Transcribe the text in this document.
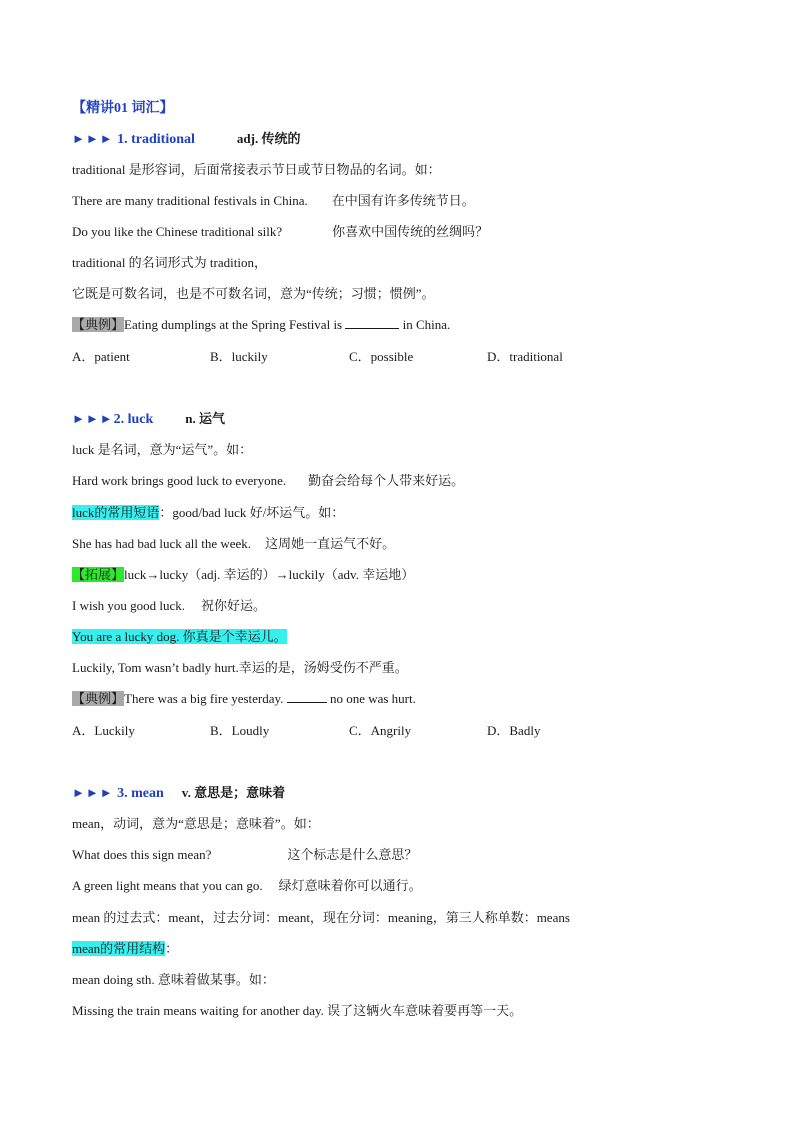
【精讲01 词汇】
►►► 1. traditional	adj. 传统的
traditional 是形容词，后面常接表示节日或节日物品的名词。如：
There are many traditional festivals in China. 在中国有许多传统节日。
Do you like the Chinese traditional silk?	你喜欢中国传统的丝绸吗？
traditional 的名词形式为 tradition，
它既是可数名词，也是不可数名词，意为“传统；习惯；惯例”。
【典例】Eating dumplings at the Spring Festival is	in China.
A．patient	B．luckily	C．possible	D．traditional
►►►2. luck n. 运气
luck 是名词，意为“运气”。如：
Hard work brings good luck to everyone. 勤奋会给每个人带来好运。
luck的常用短语：good/bad luck 好/坏运气。如：
She has had bad luck all the week. 这周她一直运气不好。
【拓展】luck→lucky（adj. 幸运的）→luckily（adv. 幸运地）
I wish you good luck. 祝你好运。
You are a lucky dog. 你真是个幸运儿。
Luckily, Tom wasn’t badly hurt.幸运的是，汤姆受伤不严重。
【典例】There was a big fire yesterday.	no one was hurt.
A．Luckily	B．Loudly	C．Angrily	D．Badly
►►► 3. mean v. 意思是；意味着
mean，动词，意为“意思是；意味着”。如：
What does this sign mean?	这个标志是什么意思？
A green light means that you can go. 绿灯意味着你可以通行。
mean 的过去式：meant，过去分词：meant，现在分词：meaning，第三人称单数：means
mean的常用结构：
mean doing sth. 意味着做某事。如：
Missing the train means waiting for another day. 误了这辆火车意味着要再等一天。
